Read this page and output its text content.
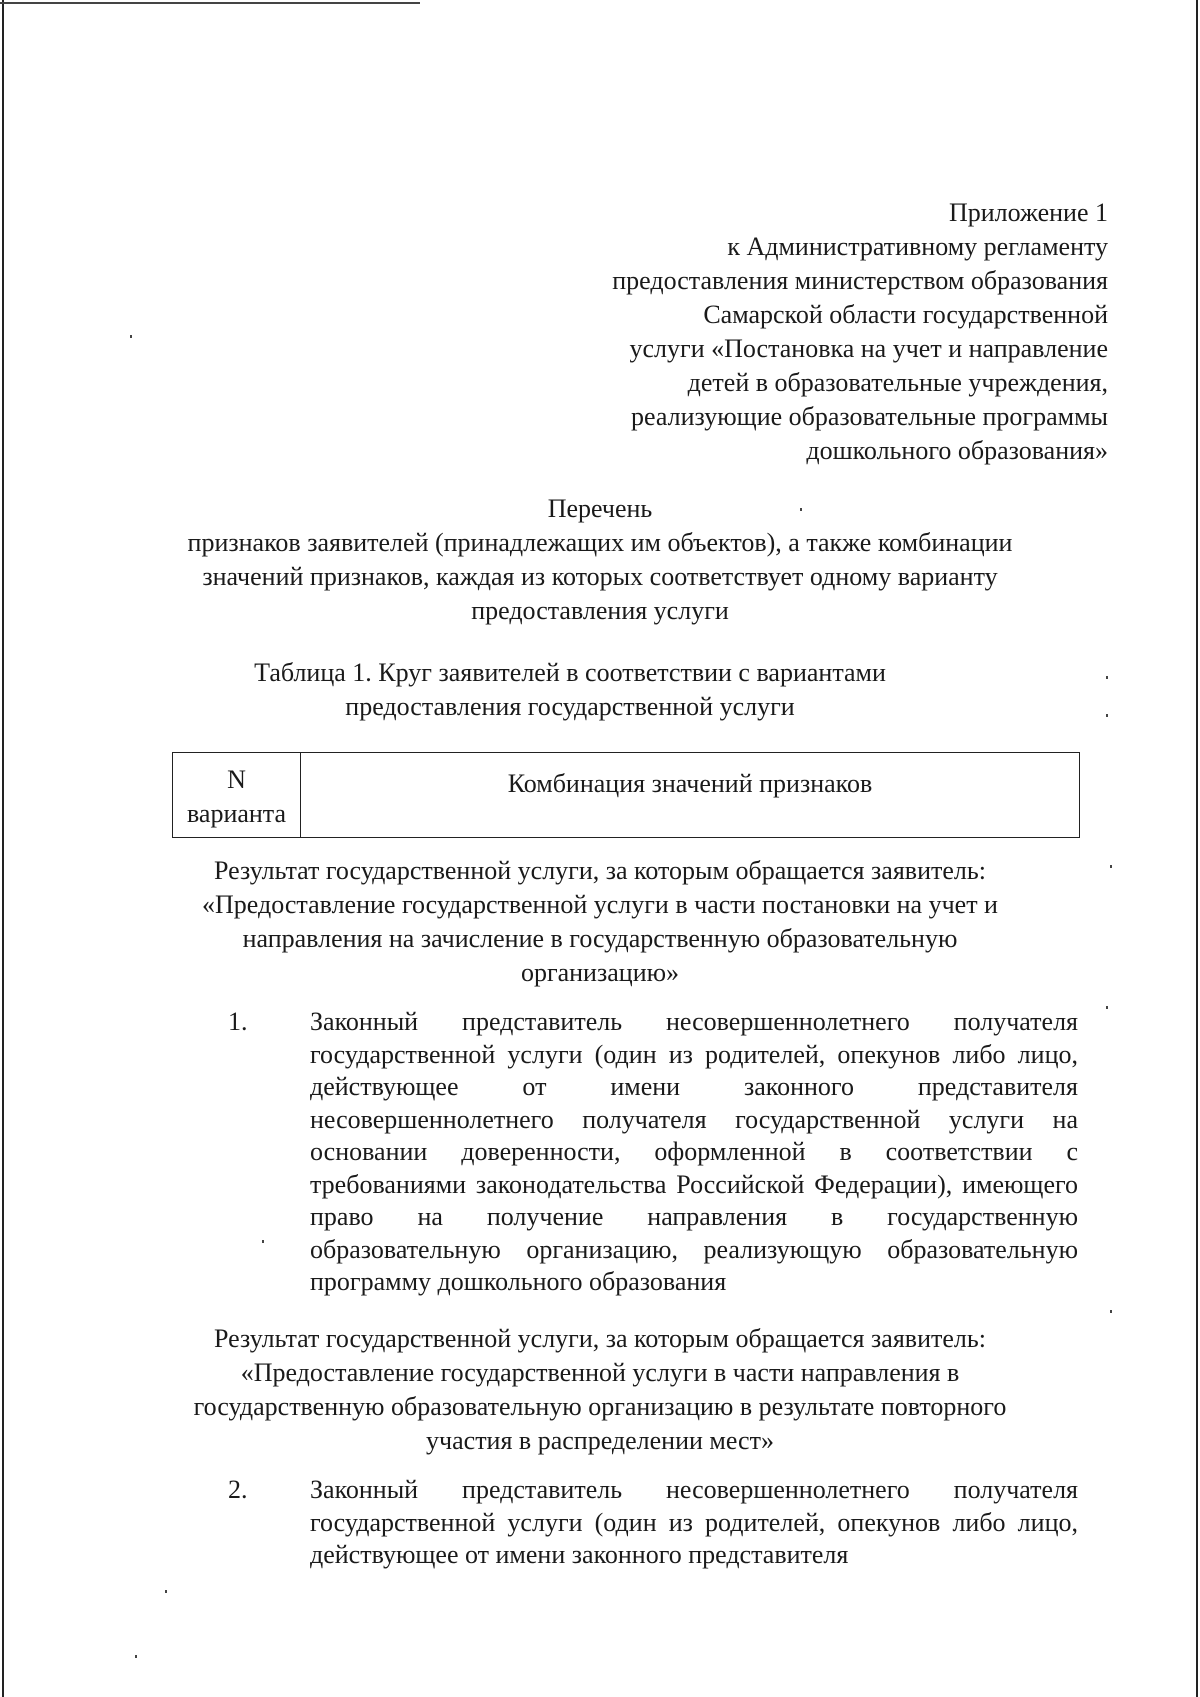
Приложение 1
к Административному регламенту
предоставления министерством образования
Самарской области государственной
услуги «Постановка на учет и направление
детей в образовательные учреждения,
реализующие образовательные программы
дошкольного образования»
Перечень
признаков заявителей (принадлежащих им объектов), а также комбинации
значений признаков, каждая из которых соответствует одному варианту
предоставления услуги
Таблица 1. Круг заявителей в соответствии с вариантами
предоставления государственной услуги
N
варианта
	Комбинация значений признаков
Результат государственной услуги, за которым обращается заявитель:
«Предоставление государственной услуги в части постановки на учет и
направления на зачисление в государственную образовательную
организацию»
1.	Законный представитель несовершеннолетнего получателя государственной услуги (один из родителей, опекунов либо лицо, действующее от имени законного представителя несовершеннолетнего получателя государственной услуги на основании доверенности, оформленной в соответствии с требованиями законодательства Российской Федерации), имеющего право на получение направления в государственную образовательную организацию, реализующую образовательную программу дошкольного образования
Результат государственной услуги, за которым обращается заявитель:
«Предоставление государственной услуги в части направления в
государственную образовательную организацию в результате повторного
участия в распределении мест»
2.	Законный представитель несовершеннолетнего получателя государственной услуги (один из родителей, опекунов либо лицо, действующее от имени законного представителя
